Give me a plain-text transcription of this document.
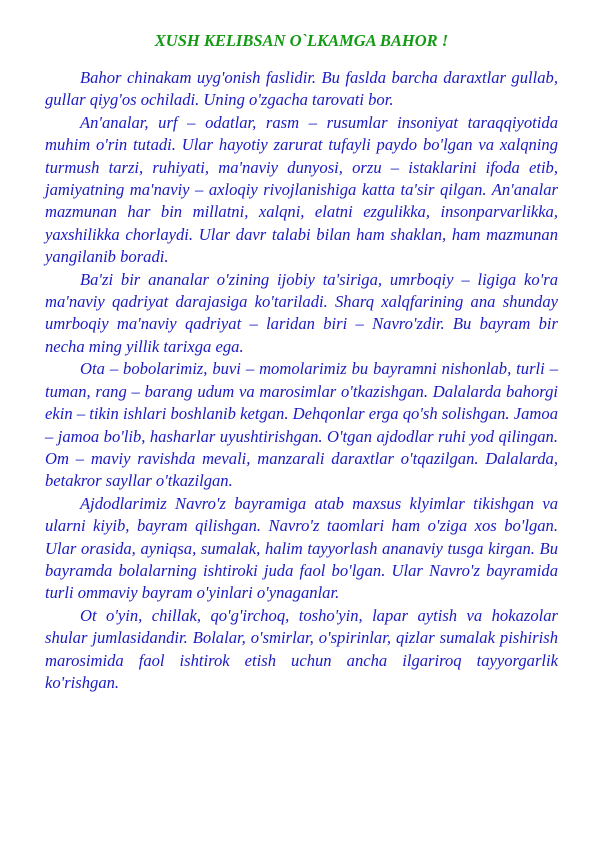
XUSH KELIBSAN O`LKAMGA BAHOR !

Bahor chinakam uyg'onish faslidir. Bu faslda barcha daraxtlar gullab, gullar qiyg'os ochiladi. Uning o'zgacha tarovati bor.

An'analar, urf – odatlar, rasm – rusumlar insoniyat taraqqiyotida muhim o'rin tutadi. Ular hayotiy zarurat tufayli paydo bo'lgan va xalqning turmush tarzi, ruhiyati, ma'naviy dunyosi, orzu – istaklarini ifoda etib, jamiyatning ma'naviy – axloqiy rivojlanishiga katta ta'sir qilgan. An'analar mazmunan har bin millatni, xalqni, elatni ezgulikka, insonparvarlikka, yaxshilikka chorlaydi. Ular davr talabi bilan ham shaklan, ham mazmunan yangilanib boradi.

Ba'zi bir ananalar o'zining ijobiy ta'siriga, umrboqiy – ligiga ko'ra ma'naviy qadriyat darajasiga ko'tariladi. Sharq xalqfarining ana shunday umrboqiy ma'naviy qadriyat – laridan biri – Navro'zdir. Bu bayram bir necha ming yillik tarixga ega.

Ota – bobolarimiz, buvi – momolarimiz bu bayramni nishonlab, turli – tuman, rang – barang udum va marosimlar o'tkazishgan. Dalalarda bahorgi ekin – tikin ishlari boshlanib ketgan. Dehqonlar erga qo'sh solishgan. Jamoa – jamoa bo'lib, hasharlar uyushtirishgan. O'tgan ajdodlar ruhi yod qilingan. Om – maviy ravishda mevali, manzarali daraxtlar o'tqazilgan. Dalalarda, betakror sayllar o'tkazilgan.

Ajdodlarimiz Navro'z bayramiga atab maxsus klyimlar tikishgan va ularni kiyib, bayram qilishgan. Navro'z taomlari ham o'ziga xos bo'lgan. Ular orasida, ayniqsa, sumalak, halim tayyorlash ananaviy tusga kirgan. Bu bayramda bolalarning ishtiroki juda faol bo'lgan. Ular Navro'z bayramida turli ommaviy bayram o'yinlari o'ynaganlar.

Ot o'yin, chillak, qo'g'irchoq, tosho'yin, lapar aytish va hokazolar shular jumlasidandir. Bolalar, o'smirlar, o'spirinlar, qizlar sumalak pishirish marosimida faol ishtirok etish uchun ancha ilgariroq tayyorgarlik ko'rishgan.
